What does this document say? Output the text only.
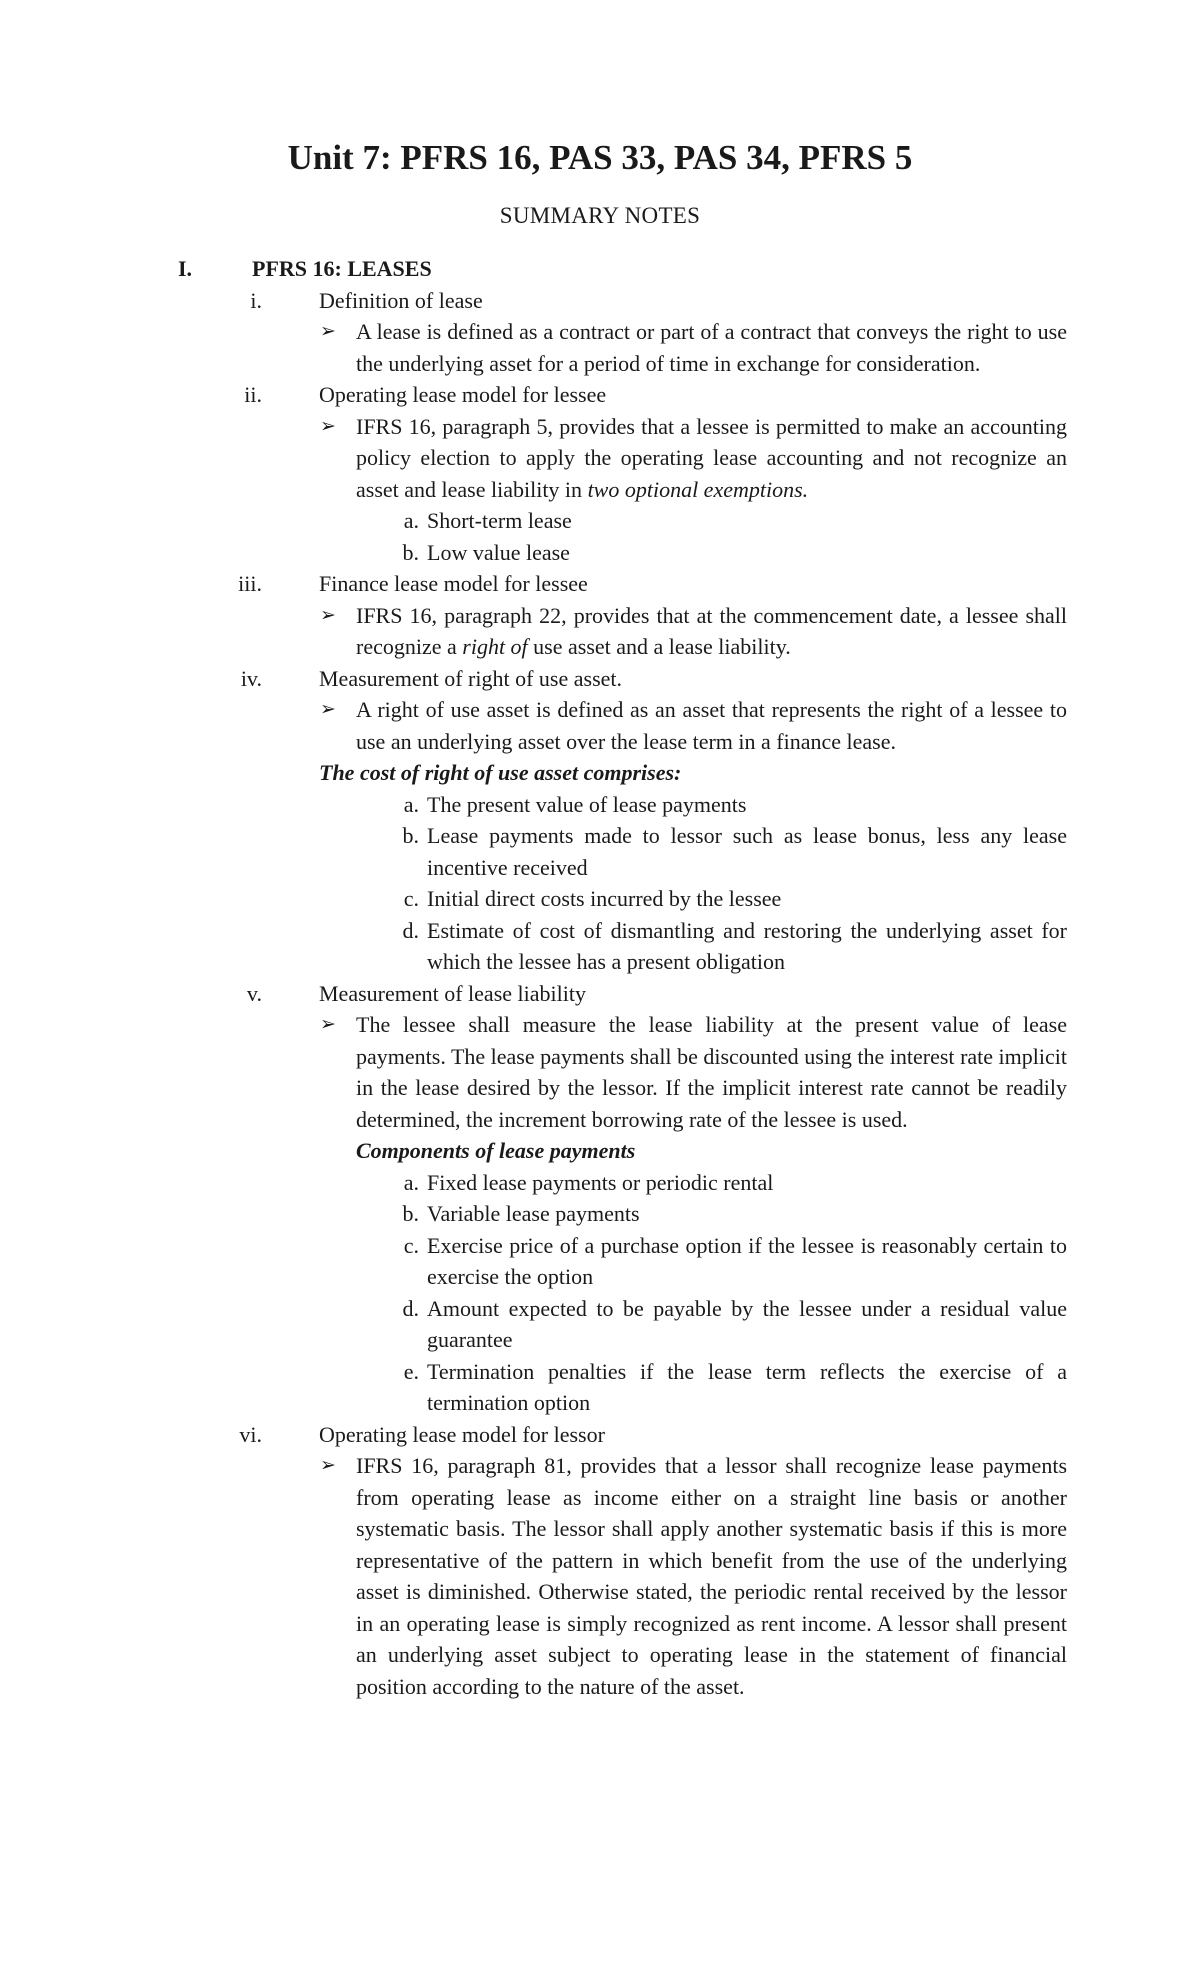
Unit 7: PFRS 16, PAS 33, PAS 34, PFRS 5

SUMMARY NOTES

I.	PFRS 16: LEASES
i.	Definition of lease
➢ A lease is defined as a contract or part of a contract that conveys the right to use the underlying asset for a period of time in exchange for consideration.
ii.	Operating lease model for lessee
➢ IFRS 16, paragraph 5, provides that a lessee is permitted to make an accounting policy election to apply the operating lease accounting and not recognize an asset and lease liability in two optional exemptions.
a. Short-term lease
b. Low value lease
iii.	Finance lease model for lessee
➢ IFRS 16, paragraph 22, provides that at the commencement date, a lessee shall recognize a right of use asset and a lease liability.
iv.	Measurement of right of use asset.
➢ A right of use asset is defined as an asset that represents the right of a lessee to use an underlying asset over the lease term in a finance lease.
The cost of right of use asset comprises:
a. The present value of lease payments
b. Lease payments made to lessor such as lease bonus, less any lease incentive received
c. Initial direct costs incurred by the lessee
d. Estimate of cost of dismantling and restoring the underlying asset for which the lessee has a present obligation
v.	Measurement of lease liability
➢ The lessee shall measure the lease liability at the present value of lease payments. The lease payments shall be discounted using the interest rate implicit in the lease desired by the lessor. If the implicit interest rate cannot be readily determined, the increment borrowing rate of the lessee is used.
Components of lease payments
a. Fixed lease payments or periodic rental
b. Variable lease payments
c. Exercise price of a purchase option if the lessee is reasonably certain to exercise the option
d. Amount expected to be payable by the lessee under a residual value guarantee
e. Termination penalties if the lease term reflects the exercise of a termination option
vi.	Operating lease model for lessor
➢ IFRS 16, paragraph 81, provides that a lessor shall recognize lease payments from operating lease as income either on a straight line basis or another systematic basis. The lessor shall apply another systematic basis if this is more representative of the pattern in which benefit from the use of the underlying asset is diminished. Otherwise stated, the periodic rental received by the lessor in an operating lease is simply recognized as rent income. A lessor shall present an underlying asset subject to operating lease in the statement of financial position according to the nature of the asset.
